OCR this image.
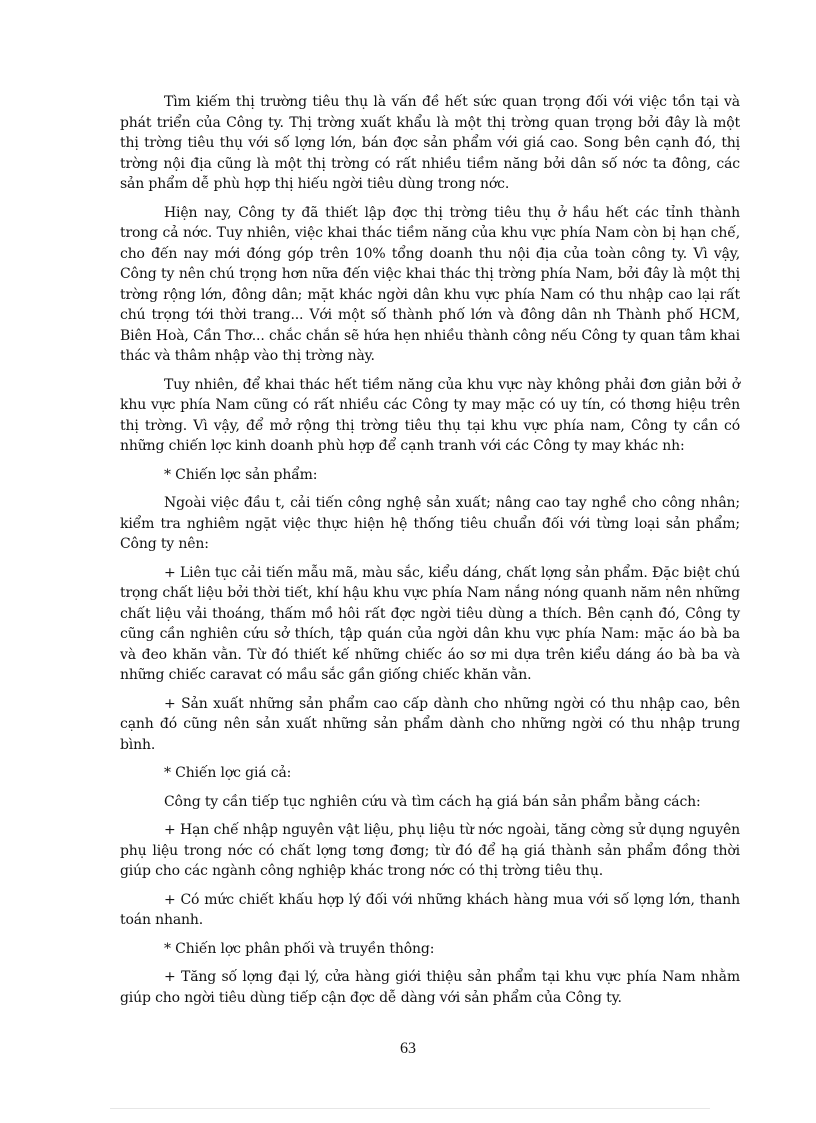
Tìm kiếm thị trường tiêu thụ là vấn đề hết sức quan trọng đối với việc tồn tại và phát triển của Công ty. Thị trờng xuất khẩu là một thị trờng quan trọng bởi đây là một thị trờng tiêu thụ với số lợng lớn, bán đợc sản phẩm với giá cao. Song bên cạnh đó, thị trờng nội địa cũng là một thị trờng có rất nhiều tiềm năng bởi dân số nớc ta đông, các sản phẩm dễ phù hợp thị hiếu ngời tiêu dùng trong nớc.

Hiện nay, Công ty đã thiết lập đợc thị trờng tiêu thụ ở hầu hết các tỉnh thành trong cả nớc. Tuy nhiên, việc khai thác tiềm năng của khu vực phía Nam còn bị hạn chế, cho đến nay mới đóng góp trên 10% tổng doanh thu nội địa của toàn công ty. Vì vậy, Công ty nên chú trọng hơn nữa đến việc khai thác thị trờng phía Nam, bởi đây là một thị trờng rộng lớn, đông dân; mặt khác ngời dân khu vực phía Nam có thu nhập cao lại rất chú trọng tới thời trang... Với một số thành phố lớn và đông dân nh Thành phố HCM, Biên Hoà, Cần Thơ... chắc chắn sẽ hứa hẹn nhiều thành công nếu Công ty quan tâm khai thác và thâm nhập vào thị trờng này.

Tuy nhiên, để khai thác hết tiềm năng của khu vực này không phải đơn giản bởi ở khu vực phía Nam cũng có rất nhiều các Công ty may mặc có uy tín, có thơng hiệu trên thị trờng. Vì vậy, để mở rộng thị trờng tiêu thụ tại khu vực phía nam, Công ty cần có những chiến lợc kinh doanh phù hợp để cạnh tranh với các Công ty may khác nh:

* Chiến lợc sản phẩm:

Ngoài việc đầu t, cải tiến công nghệ sản xuất; nâng cao tay nghề cho công nhân; kiểm tra nghiêm ngặt việc thực hiện hệ thống tiêu chuẩn đối với từng loại sản phẩm; Công ty nên:

+ Liên tục cải tiến mẫu mã, màu sắc, kiểu dáng, chất lợng sản phẩm. Đặc biệt chú trọng chất liệu bởi thời tiết, khí hậu khu vực phía Nam nắng nóng quanh năm nên những chất liệu vải thoáng, thấm mồ hôi rất đợc ngời tiêu dùng a thích. Bên cạnh đó, Công ty cũng cần nghiên cứu sở thích, tập quán của ngời dân khu vực phía Nam: mặc áo bà ba và đeo khăn vằn. Từ đó thiết kế những chiếc áo sơ mi dựa trên kiểu dáng áo bà ba và những chiếc caravat có mầu sắc gần giống chiếc khăn vằn.

+ Sản xuất những sản phẩm cao cấp dành cho những ngời có thu nhập cao, bên cạnh đó cũng nên sản xuất những sản phẩm dành cho những ngời có thu nhập trung bình.

* Chiến lợc giá cả:

Công ty cần tiếp tục nghiên cứu và tìm cách hạ giá bán sản phẩm bằng cách:

+ Hạn chế nhập nguyên vật liệu, phụ liệu từ nớc ngoài, tăng cờng sử dụng nguyên phụ liệu trong nớc có chất lợng tơng đơng; từ đó để hạ giá thành sản phẩm đồng thời giúp cho các ngành công nghiệp khác trong nớc có thị trờng tiêu thụ.

+ Có mức chiết khấu hợp lý đối với những khách hàng mua với số lợng lớn, thanh toán nhanh.

* Chiến lợc phân phối và truyền thông:

+ Tăng số lợng đại lý, cửa hàng giới thiệu sản phẩm tại khu vực phía Nam nhằm giúp cho ngời tiêu dùng tiếp cận đợc dễ dàng với sản phẩm của Công ty.

63
